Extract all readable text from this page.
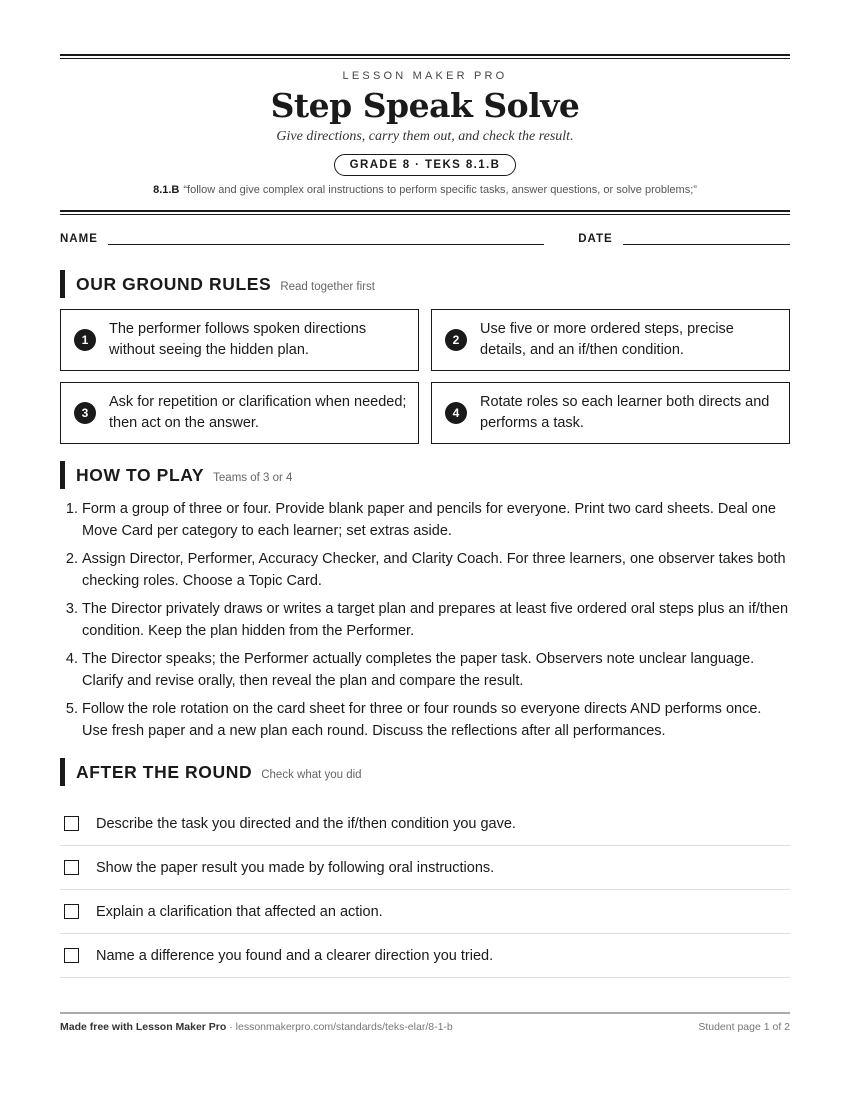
LESSON MAKER PRO
Step Speak Solve
Give directions, carry them out, and check the result.
GRADE 8 · TEKS 8.1.B
8.1.B “follow and give complex oral instructions to perform specific tasks, answer questions, or solve problems;”
NAME	DATE
OUR GROUND RULES Read together first
1
The performer follows spoken directions without seeing the hidden plan.
2
Use five or more ordered steps, precise details, and an if/then condition.
3
Ask for repetition or clarification when needed; then act on the answer.
4
Rotate roles so each learner both directs and performs a task.
HOW TO PLAY Teams of 3 or 4
1. Form a group of three or four. Provide blank paper and pencils for everyone. Print two card sheets. Deal one Move Card per category to each learner; set extras aside.
2. Assign Director, Performer, Accuracy Checker, and Clarity Coach. For three learners, one observer takes both checking roles. Choose a Topic Card.
3. The Director privately draws or writes a target plan and prepares at least five ordered oral steps plus an if/then condition. Keep the plan hidden from the Performer.
4. The Director speaks; the Performer actually completes the paper task. Observers note unclear language. Clarify and revise orally, then reveal the plan and compare the result.
5. Follow the role rotation on the card sheet for three or four rounds so everyone directs AND performs once. Use fresh paper and a new plan each round. Discuss the reflections after all performances.
AFTER THE ROUND Check what you did
Describe the task you directed and the if/then condition you gave.
Show the paper result you made by following oral instructions.
Explain a clarification that affected an action.
Name a difference you found and a clearer direction you tried.
Made free with Lesson Maker Pro · lessonmakerpro.com/standards/teks-elar/8-1-b	Student page 1 of 2
